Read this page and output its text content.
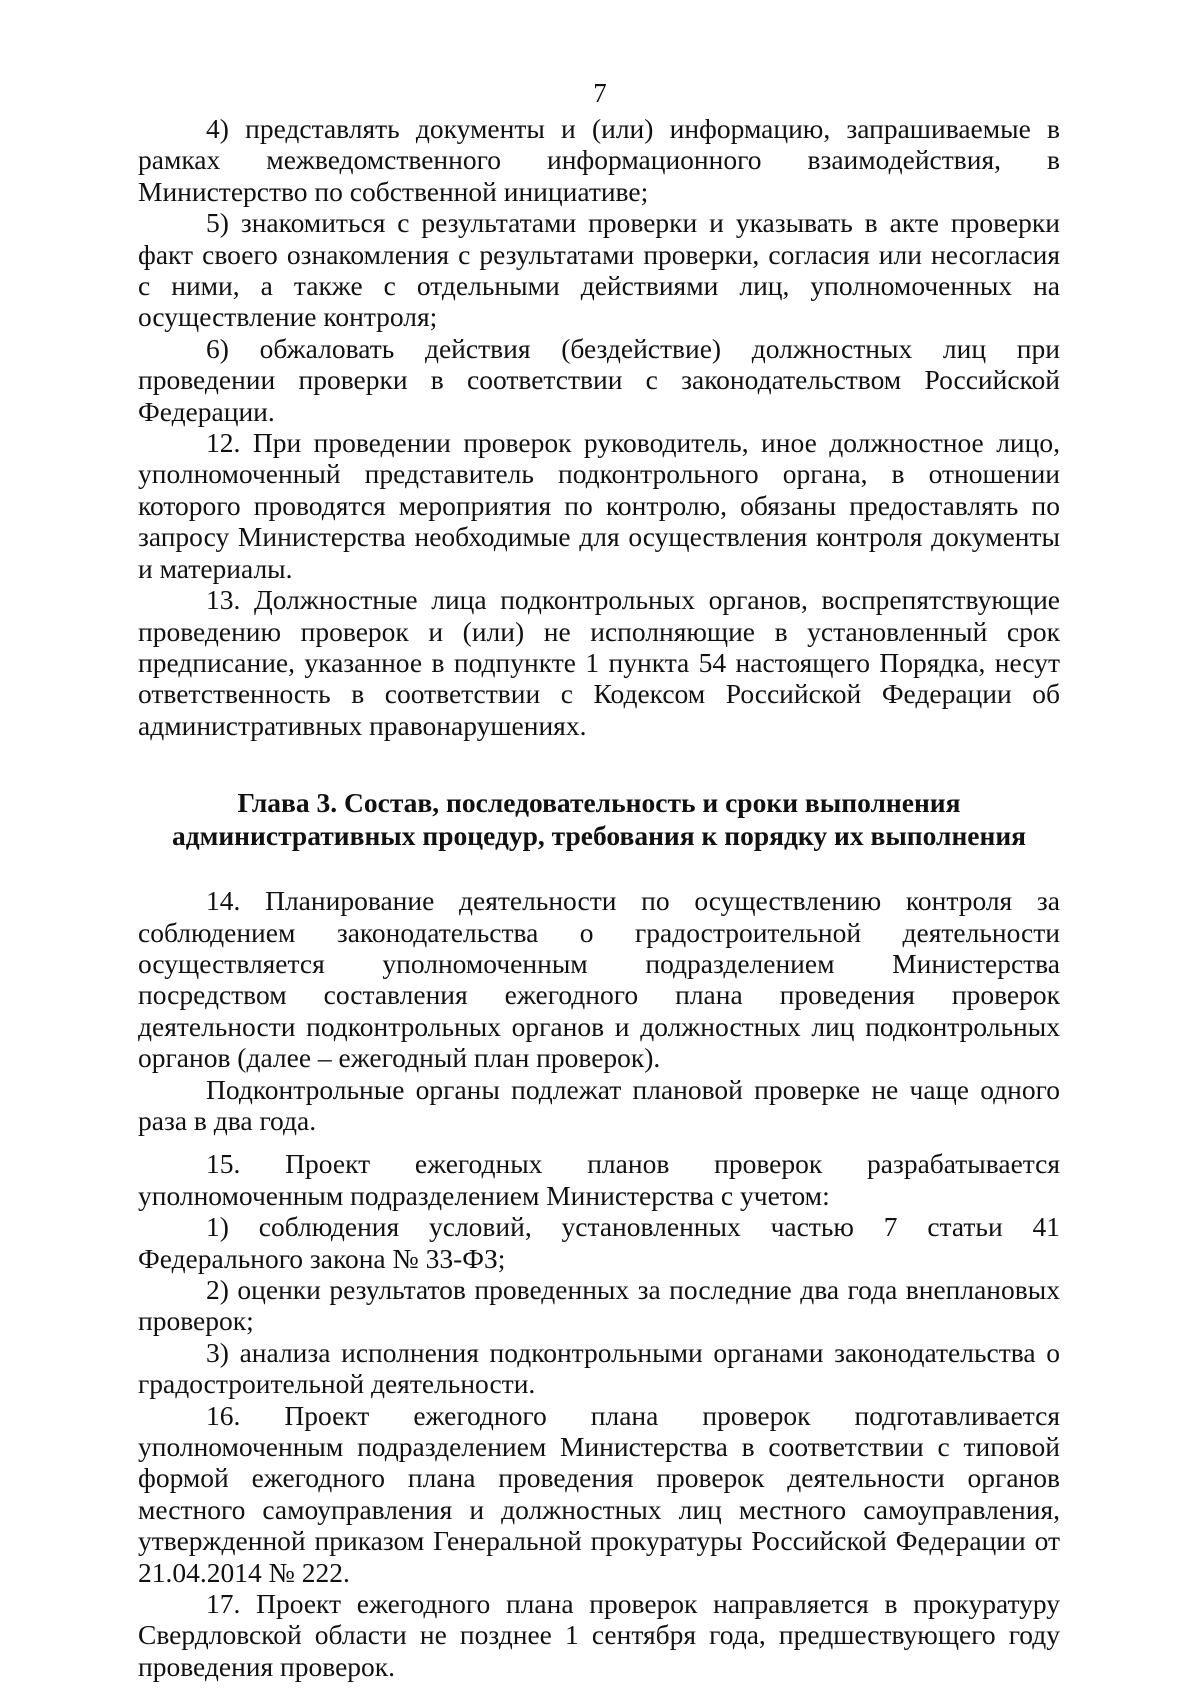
7

4) представлять документы и (или) информацию, запрашиваемые в рамках межведомственного информационного взаимодействия, в Министерство по собственной инициативе;

5) знакомиться с результатами проверки и указывать в акте проверки факт своего ознакомления с результатами проверки, согласия или несогласия с ними, а также с отдельными действиями лиц, уполномоченных на осуществление контроля;

6) обжаловать действия (бездействие) должностных лиц при проведении проверки в соответствии с законодательством Российской Федерации.

12. При проведении проверок руководитель, иное должностное лицо, уполномоченный представитель подконтрольного органа, в отношении которого проводятся мероприятия по контролю, обязаны предоставлять по запросу Министерства необходимые для осуществления контроля документы и материалы.

13. Должностные лица подконтрольных органов, воспрепятствующие проведению проверок и (или) не исполняющие в установленный срок предписание, указанное в подпункте 1 пункта 54 настоящего Порядка, несут ответственность в соответствии с Кодексом Российской Федерации об административных правонарушениях.

Глава 3. Состав, последовательность и сроки выполнения
административных процедур, требования к порядку их выполнения

14. Планирование деятельности по осуществлению контроля за соблюдением законодательства о градостроительной деятельности осуществляется уполномоченным подразделением Министерства посредством составления ежегодного плана проведения проверок деятельности подконтрольных органов и должностных лиц подконтрольных органов (далее – ежегодный план проверок).

Подконтрольные органы подлежат плановой проверке не чаще одного раза в два года.

15. Проект ежегодных планов проверок разрабатывается уполномоченным подразделением Министерства с учетом:

1) соблюдения условий, установленных частью 7 статьи 41 Федерального закона № 33-ФЗ;

2) оценки результатов проведенных за последние два года внеплановых проверок;

3) анализа исполнения подконтрольными органами законодательства о градостроительной деятельности.

16. Проект ежегодного плана проверок подготавливается уполномоченным подразделением Министерства в соответствии с типовой формой ежегодного плана проведения проверок деятельности органов местного самоуправления и должностных лиц местного самоуправления, утвержденной приказом Генеральной прокуратуры Российской Федерации от 21.04.2014 № 222.

17. Проект ежегодного плана проверок направляется в прокуратуру Свердловской области не позднее 1 сентября года, предшествующего году проведения проверок.
